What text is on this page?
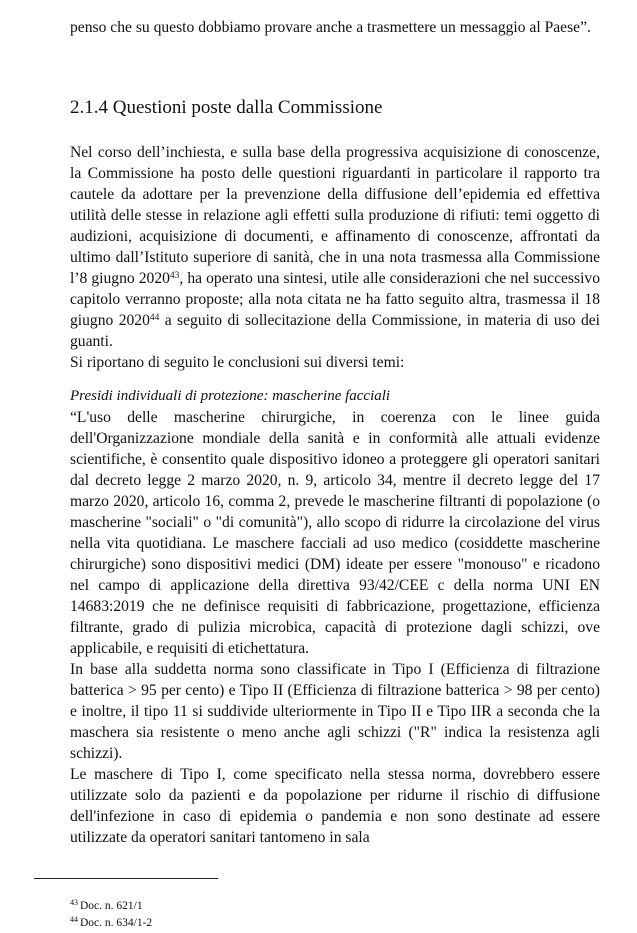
penso che su questo dobbiamo provare anche a trasmettere un messaggio al Paese”.

2.1.4 Questioni poste dalla Commissione

Nel corso dell’inchiesta, e sulla base della progressiva acquisizione di conoscenze, la Commissione ha posto delle questioni riguardanti in particolare il rapporto tra cautele da adottare per la prevenzione della diffusione dell’epidemia ed effettiva utilità delle stesse in relazione agli effetti sulla produzione di rifiuti: temi oggetto di audizioni, acquisizione di documenti, e affinamento di conoscenze, affrontati da ultimo dall’Istituto superiore di sanità, che in una nota trasmessa alla Commissione l’8 giugno 2020$^{43}$, ha operato una sintesi, utile alle considerazioni che nel successivo capitolo verranno proposte; alla nota citata ne ha fatto seguito altra, trasmessa il 18 giugno 2020$^{44}$ a seguito di sollecitazione della Commissione, in materia di uso dei guanti.

Si riportano di seguito le conclusioni sui diversi temi:

Presidi individuali di protezione: mascherine facciali

“L'uso delle mascherine chirurgiche, in coerenza con le linee guida dell'Organizzazione mondiale della sanità e in conformità alle attuali evidenze scientifiche, è consentito quale dispositivo idoneo a proteggere gli operatori sanitari dal decreto legge 2 marzo 2020, n. 9, articolo 34, mentre il decreto legge del 17 marzo 2020, articolo 16, comma 2, prevede le mascherine filtranti di popolazione (o mascherine "sociali" o "di comunità"), allo scopo di ridurre la circolazione del virus nella vita quotidiana. Le maschere facciali ad uso medico (cosiddette mascherine chirurgiche) sono dispositivi medici (DM) ideate per essere "monouso" e ricadono nel campo di applicazione della direttiva 93/42/CEE c della norma UNI EN 14683:2019 che ne definisce requisiti di fabbricazione, progettazione, efficienza filtrante, grado di pulizia microbica, capacità di protezione dagli schizzi, ove applicabile, e requisiti di etichettatura.

In base alla suddetta norma sono classificate in Tipo I (Efficienza di filtrazione batterica > 95 per cento) e Tipo II (Efficienza di filtrazione batterica > 98 per cento) e inoltre, il tipo 11 si suddivide ulteriormente in Tipo II e Tipo IIR a seconda che la maschera sia resistente o meno anche agli schizzi ("R" indica la resistenza agli schizzi).

Le maschere di Tipo I, come specificato nella stessa norma, dovrebbero essere utilizzate solo da pazienti e da popolazione per ridurne il rischio di diffusione dell'infezione in caso di epidemia o pandemia e non sono destinate ad essere utilizzate da operatori sanitari tantomeno in sala

$^{43}$ Doc. n. 621/1
$^{44}$ Doc. n. 634/1-2
